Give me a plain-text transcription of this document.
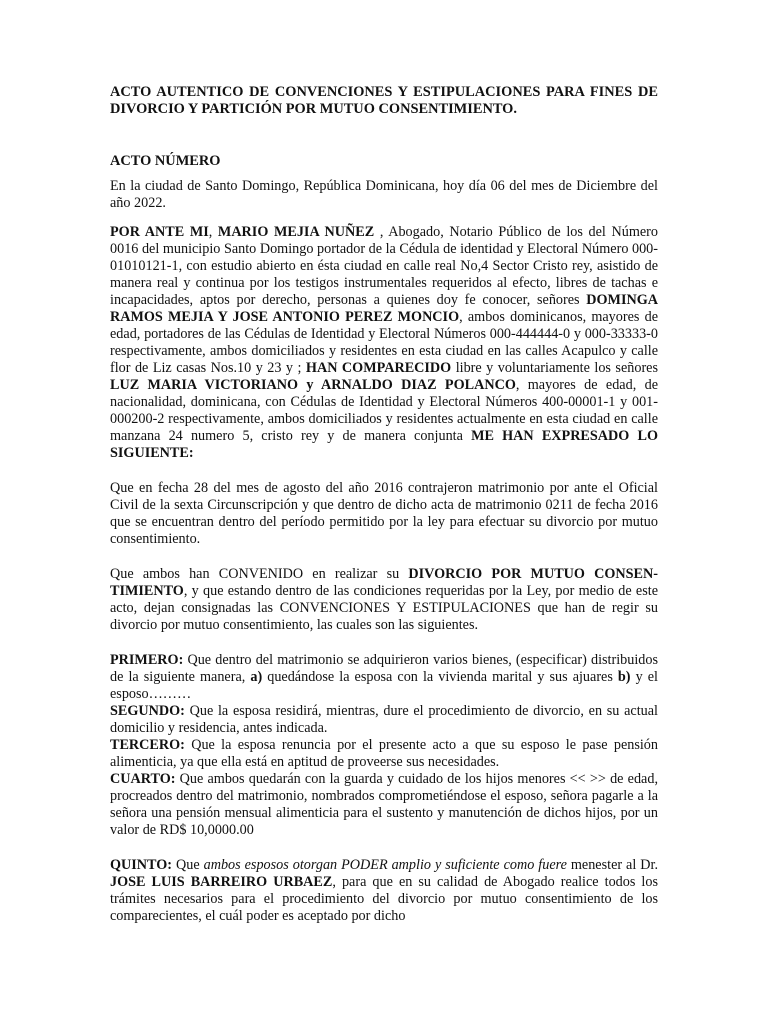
ACTO AUTENTICO DE CONVENCIONES Y ESTIPULACIONES PARA FINES DE DIVORCIO Y PARTICIÓN POR MUTUO CONSENTIMIENTO.

ACTO NÚMERO

En la ciudad de Santo Domingo, República Dominicana, hoy día 06 del mes de Diciembre del año 2022.

POR ANTE MI, MARIO MEJIA NUÑEZ , Abogado, Notario Público de los del Número 0016 del municipio Santo Domingo portador de la Cédula de identidad y Electoral Número 000-01010121-1, con estudio abierto en ésta ciudad en calle real No,4 Sector Cristo rey, asistido de manera real y continua por los testigos instrumentales requeridos al efecto, libres de tachas e incapacidades, aptos por derecho, personas a quienes doy fe conocer, señores DOMINGA RAMOS MEJIA Y JOSE ANTONIO PEREZ MONCIO, ambos dominicanos, mayores de edad, portadores de las Cédulas de Identidad y Electoral Números 000-444444-0 y 000-33333-0 respectivamente, ambos domiciliados y residentes en esta ciudad en las calles Acapulco y calle flor de Liz casas Nos.10 y 23 y ; HAN COMPARECIDO libre y voluntariamente los señores LUZ MARIA VICTORIANO y ARNALDO DIAZ POLANCO, mayores de edad, de nacionalidad, dominicana, con Cédulas de Identidad y Electoral Números 400-00001-1 y 001-000200-2 respectivamente, ambos domiciliados y residentes actualmente en esta ciudad en calle manzana 24 numero 5, cristo rey y de manera conjunta ME HAN EXPRESADO LO SIGUIENTE:

Que en fecha 28 del mes de agosto del año 2016 contrajeron matrimonio por ante el Oficial Civil de la sexta Circunscripción y que dentro de dicho acta de matrimonio 0211 de fecha 2016 que se encuentran dentro del período permitido por la ley para efectuar su divorcio por mutuo consentimiento.

Que ambos han CONVENIDO en realizar su DIVORCIO POR MUTUO CONSEN-TIMIENTO, y que estando dentro de las condiciones requeridas por la Ley, por medio de este acto, dejan consignadas las CONVENCIONES Y ESTIPULACIONES que han de regir su divorcio por mutuo consentimiento, las cuales son las siguientes.

PRIMERO: Que dentro del matrimonio se adquirieron varios bienes, (especificar) distribuidos de la siguiente manera, a) quedándose la esposa con la vivienda marital y sus ajuares b) y el esposo………

SEGUNDO: Que la esposa residirá, mientras, dure el procedimiento de divorcio, en su actual domicilio y residencia, antes indicada.

TERCERO: Que la esposa renuncia por el presente acto a que su esposo le pase pensión alimenticia, ya que ella está en aptitud de proveerse sus necesidades.

CUARTO: Que ambos quedarán con la guarda y cuidado de los hijos menores << >> de edad, procreados dentro del matrimonio, nombrados comprometiéndose el esposo, señora pagarle a la señora una pensión mensual alimenticia para el sustento y manutención de dichos hijos, por un valor de RD$ 10,0000.00

QUINTO: Que ambos esposos otorgan PODER amplio y suficiente como fuere menester al Dr. JOSE LUIS BARREIRO URBAEZ, para que en su calidad de Abogado realice todos los trámites necesarios para el procedimiento del divorcio por mutuo consentimiento de los comparecientes, el cuál poder es aceptado por dicho
